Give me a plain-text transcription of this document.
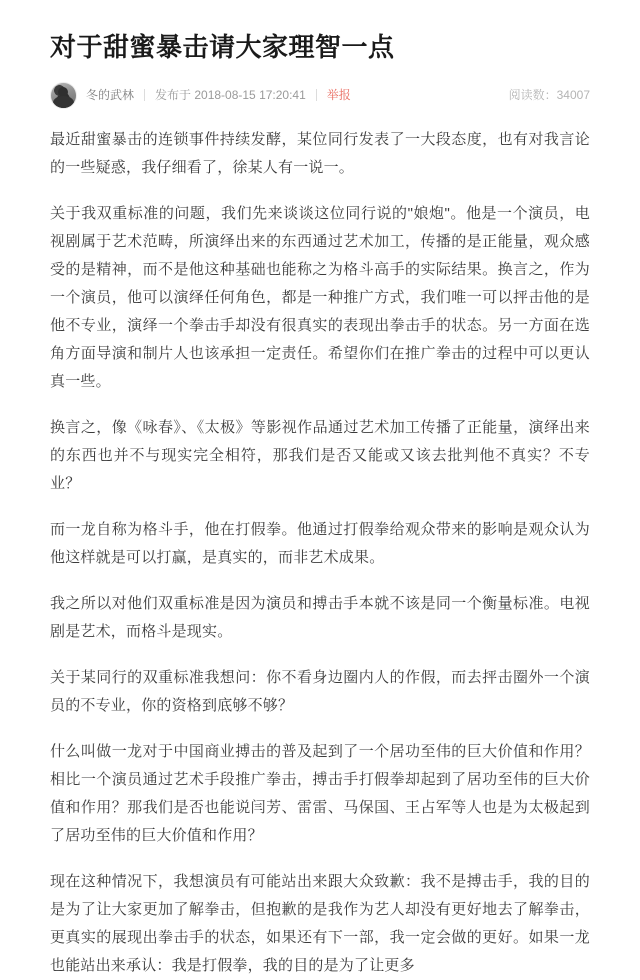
对于甜蜜暴击请大家理智一点
冬的武林 发布于 2018-08-15 17:20:41 举报	阅读数：34007

最近甜蜜暴击的连锁事件持续发酵，某位同行发表了一大段态度，也有对我言论的一些疑惑，我仔细看了，徐某人有一说一。

关于我双重标准的问题，我们先来谈谈这位同行说的"娘炮"。他是一个演员，电视剧属于艺术范畴，所演绎出来的东西通过艺术加工，传播的是正能量，观众感受的是精神，而不是他这种基础也能称之为格斗高手的实际结果。换言之，作为一个演员，他可以演绎任何角色，都是一种推广方式，我们唯一可以抨击他的是他不专业，演绎一个拳击手却没有很真实的表现出拳击手的状态。另一方面在选角方面导演和制片人也该承担一定责任。希望你们在推广拳击的过程中可以更认真一些。

换言之，像《咏春》、《太极》等影视作品通过艺术加工传播了正能量，演绎出来的东西也并不与现实完全相符，那我们是否又能或又该去批判他不真实？不专业？

而一龙自称为格斗手，他在打假拳。他通过打假拳给观众带来的影响是观众认为他这样就是可以打赢，是真实的，而非艺术成果。

我之所以对他们双重标准是因为演员和搏击手本就不该是同一个衡量标准。电视剧是艺术，而格斗是现实。

关于某同行的双重标准我想问：你不看身边圈内人的作假，而去抨击圈外一个演员的不专业，你的资格到底够不够？

什么叫做一龙对于中国商业搏击的普及起到了一个居功至伟的巨大价值和作用？相比一个演员通过艺术手段推广拳击，搏击手打假拳却起到了居功至伟的巨大价值和作用？那我们是否也能说闫芳、雷雷、马保国、王占军等人也是为太极起到了居功至伟的巨大价值和作用？

现在这种情况下，我想演员有可能站出来跟大众致歉：我不是搏击手，我的目的是为了让大家更加了解拳击，但抱歉的是我作为艺人却没有更好地去了解拳击，更真实的展现出拳击手的状态，如果还有下一部，我一定会做的更好。如果一龙也能站出来承认：我是打假拳，我的目的是为了让更多
